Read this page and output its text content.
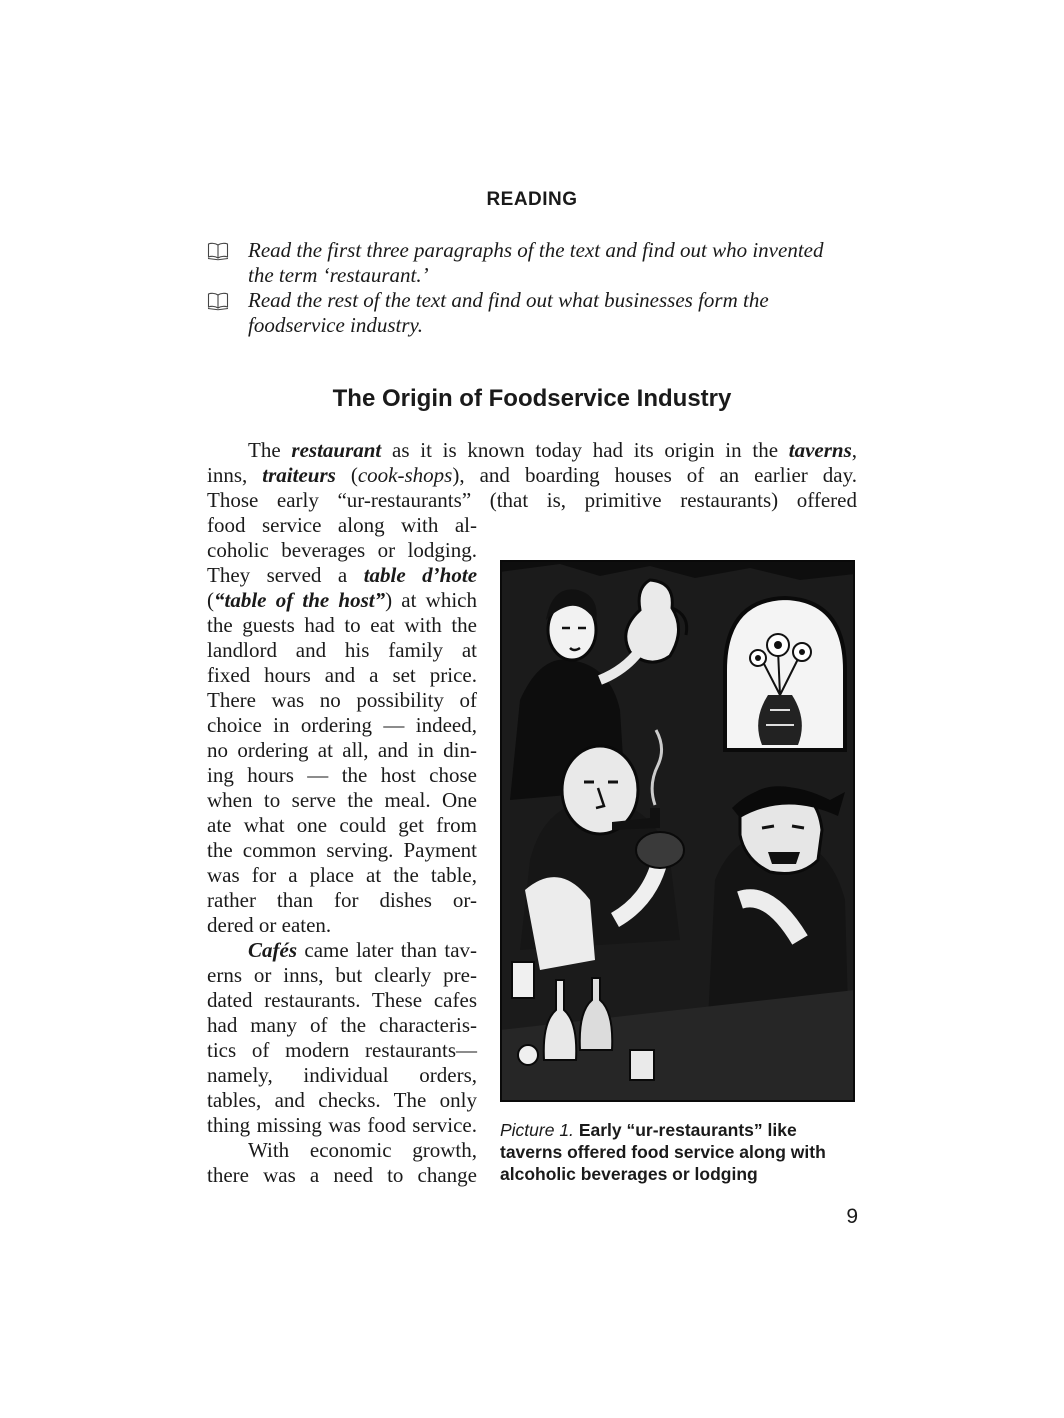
READING
Read the first three paragraphs of the text and find out who invented
the term ‘restaurant.’
Read the rest of the text and find out what businesses form the
foodservice industry.
The Origin of Foodservice Industry
The restaurant as it is known today had its origin in the taverns,
inns, traiteurs (cook-shops), and boarding houses of an earlier day.
Those early “ur-restaurants” (that is, primitive restaurants) offered

food service along with al-
coholic beverages or lodging.
They served a table d’hote
(“table of the host”) at which
the guests had to eat with the
landlord and his family at
fixed hours and a set price.
There was no possibility of
choice in ordering — indeed,
no ordering at all, and in din-
ing hours — the host chose
when to serve the meal. One
ate what one could get from
the common serving. Payment
was for a place at the table,
rather than for dishes or-
dered or eaten.

Cafés came later than tav-
erns or inns, but clearly pre-
dated restaurants. These cafes
had many of the characteris-
tics of modern restaurants—
namely, individual orders,
tables, and checks. The only
thing missing was food service.

With economic growth,
there was a need to change

Picture 1. Early “ur-restaurants” like taverns offered food service along with alcoholic beverages or lodging
9
